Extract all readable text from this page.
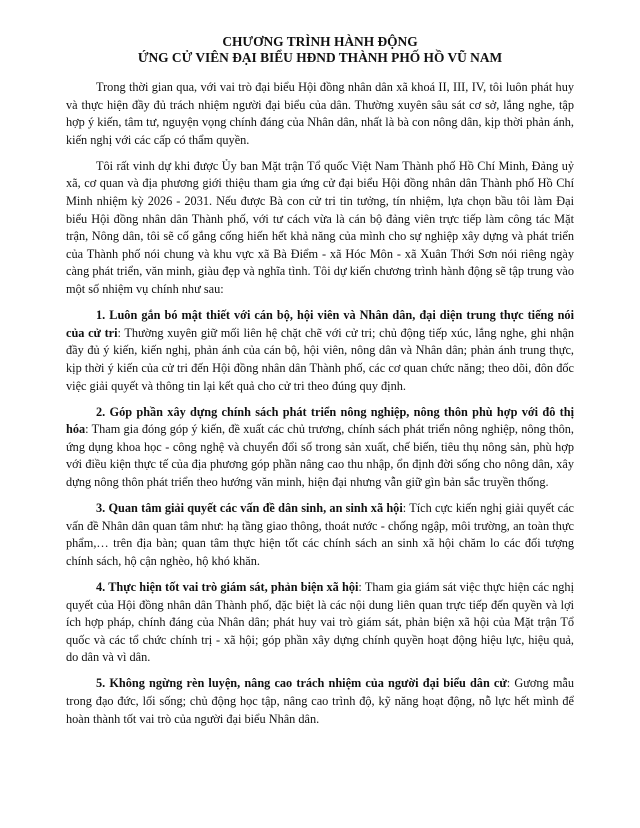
CHƯƠNG TRÌNH HÀNH ĐỘNG
ỨNG CỬ VIÊN ĐẠI BIỂU HĐND THÀNH PHỐ HỒ VŨ NAM

Trong thời gian qua, với vai trò đại biểu Hội đồng nhân dân xã khoá II, III, IV, tôi luôn phát huy và thực hiện đầy đủ trách nhiệm người đại biểu của dân. Thường xuyên sâu sát cơ sở, lắng nghe, tập hợp ý kiến, tâm tư, nguyện vọng chính đáng của Nhân dân, nhất là bà con nông dân, kịp thời phản ánh, kiến nghị với các cấp có thẩm quyền.

Tôi rất vinh dự khi được Ủy ban Mặt trận Tổ quốc Việt Nam Thành phố Hồ Chí Minh, Đảng uỷ xã, cơ quan và địa phương giới thiệu tham gia ứng cử đại biểu Hội đồng nhân dân Thành phố Hồ Chí Minh nhiệm kỳ 2026 - 2031. Nếu được Bà con cử tri tin tưởng, tín nhiệm, lựa chọn bầu tôi làm Đại biểu Hội đồng nhân dân Thành phố, với tư cách vừa là cán bộ đảng viên trực tiếp làm công tác Mặt trận, Nông dân, tôi sẽ cố gắng cống hiến hết khả năng của mình cho sự nghiệp xây dựng và phát triển của Thành phố nói chung và khu vực xã Bà Điểm - xã Hóc Môn - xã Xuân Thới Sơn nói riêng ngày càng phát triển, văn minh, giàu đẹp và nghĩa tình. Tôi dự kiến chương trình hành động sẽ tập trung vào một số nhiệm vụ chính như sau:

1. Luôn gắn bó mật thiết với cán bộ, hội viên và Nhân dân, đại diện trung thực tiếng nói của cử tri: Thường xuyên giữ mối liên hệ chặt chẽ với cử tri; chủ động tiếp xúc, lắng nghe, ghi nhận đầy đủ ý kiến, kiến nghị, phản ánh của cán bộ, hội viên, nông dân và Nhân dân; phản ánh trung thực, kịp thời ý kiến của cử tri đến Hội đồng nhân dân Thành phố, các cơ quan chức năng; theo dõi, đôn đốc việc giải quyết và thông tin lại kết quả cho cử tri theo đúng quy định.

2. Góp phần xây dựng chính sách phát triển nông nghiệp, nông thôn phù hợp với đô thị hóa: Tham gia đóng góp ý kiến, đề xuất các chủ trương, chính sách phát triển nông nghiệp, nông thôn, ứng dụng khoa học - công nghệ và chuyển đổi số trong sản xuất, chế biến, tiêu thụ nông sản, phù hợp với điều kiện thực tế của địa phương góp phần nâng cao thu nhập, ổn định đời sống cho nông dân, xây dựng nông thôn phát triển theo hướng văn minh, hiện đại nhưng vẫn giữ gìn bản sắc truyền thống.

3. Quan tâm giải quyết các vấn đề dân sinh, an sinh xã hội: Tích cực kiến nghị giải quyết các vấn đề Nhân dân quan tâm như: hạ tầng giao thông, thoát nước - chống ngập, môi trường, an toàn thực phẩm,… trên địa bàn; quan tâm thực hiện tốt các chính sách an sinh xã hội chăm lo các đối tượng chính sách, hộ cận nghèo, hộ khó khăn.

4. Thực hiện tốt vai trò giám sát, phản biện xã hội: Tham gia giám sát việc thực hiện các nghị quyết của Hội đồng nhân dân Thành phố, đặc biệt là các nội dung liên quan trực tiếp đến quyền và lợi ích hợp pháp, chính đáng của Nhân dân; phát huy vai trò giám sát, phản biện xã hội của Mặt trận Tổ quốc và các tổ chức chính trị - xã hội; góp phần xây dựng chính quyền hoạt động hiệu lực, hiệu quả, do dân và vì dân.

5. Không ngừng rèn luyện, nâng cao trách nhiệm của người đại biểu dân cử: Gương mẫu trong đạo đức, lối sống; chủ động học tập, nâng cao trình độ, kỹ năng hoạt động, nỗ lực hết mình để hoàn thành tốt vai trò của người đại biểu Nhân dân.
